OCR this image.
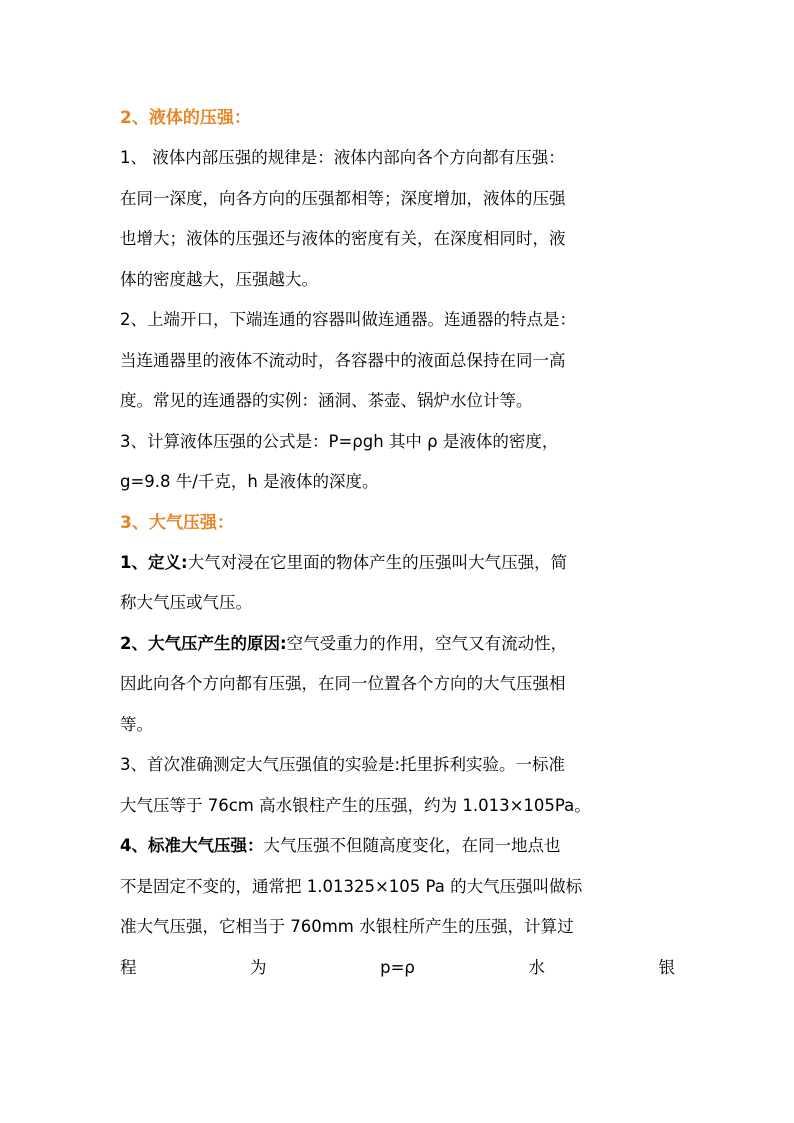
2、液体的压强：

1、 液体内部压强的规律是：液体内部向各个方向都有压强：
在同一深度，向各方向的压强都相等；深度增加，液体的压强
也增大；液体的压强还与液体的密度有关，在深度相同时，液
体的密度越大，压强越大。

2、上端开口，下端连通的容器叫做连通器。连通器的特点是：
当连通器里的液体不流动时，各容器中的液面总保持在同一高
度。常见的连通器的实例：涵洞、茶壶、锅炉水位计等。

3、计算液体压强的公式是：P=ρgh 其中 ρ 是液体的密度，
g=9.8 牛/千克，h 是液体的深度。

3、大气压强：

1、定义:大气对浸在它里面的物体产生的压强叫大气压强，简
称大气压或气压。

2、大气压产生的原因:空气受重力的作用，空气又有流动性，
因此向各个方向都有压强，在同一位置各个方向的大气压强相
等。

3、首次准确测定大气压强值的实验是:托里拆利实验。一标准
大气压等于 76cm 高水银柱产生的压强，约为 1.013×105Pa。

4、标准大气压强：大气压强不但随高度变化，在同一地点也
不是固定不变的，通常把 1.01325×105 Pa 的大气压强叫做标
准大气压强，它相当于 760mm 水银柱所产生的压强，计算过

程	为	p=ρ	水	银
